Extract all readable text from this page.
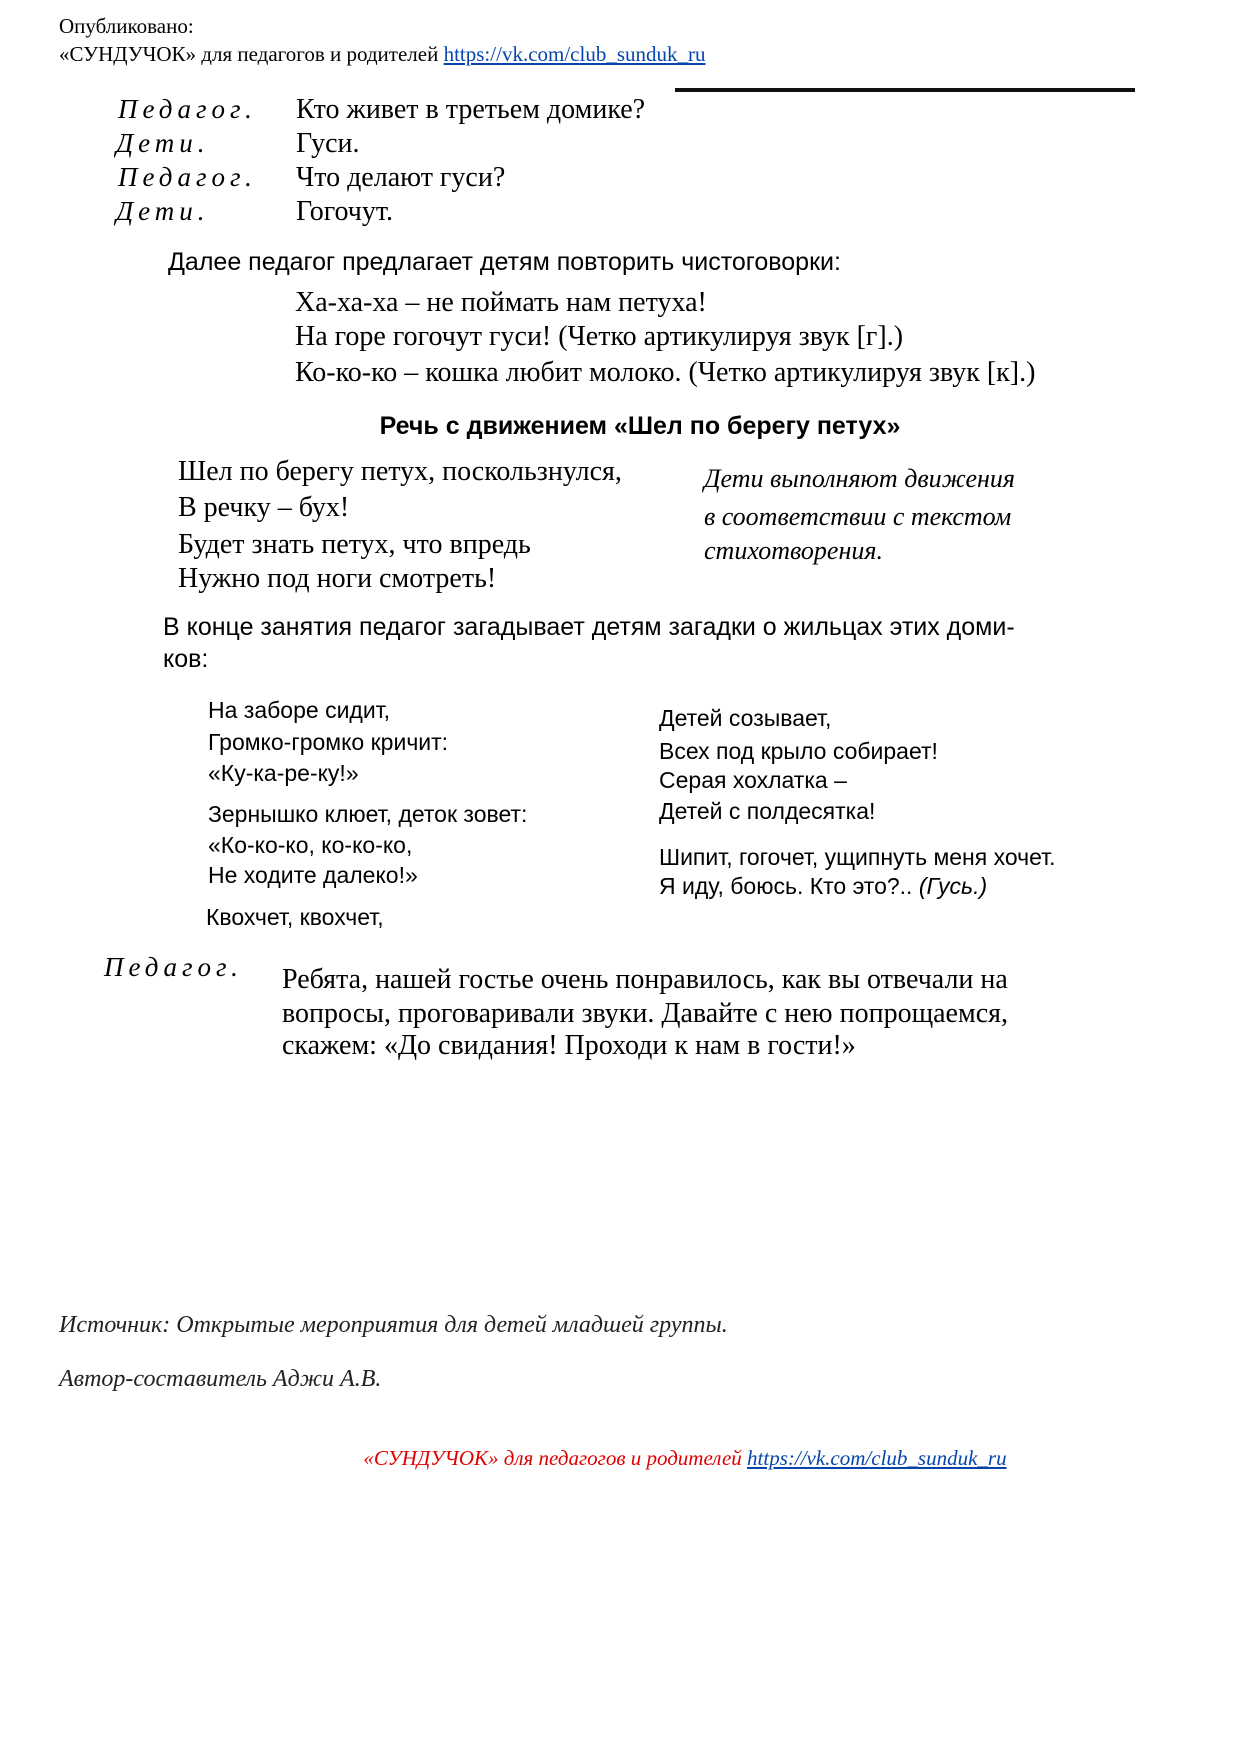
Опубликовано:
«СУНДУЧОК» для педагогов и родителей https://vk.com/club_sunduk_ru
Педагог. Кто живет в третьем домике?
Дети.	Гуси.
Педагог. Что делают гуси?
Дети.	Гогочут.
Далее педагог предлагает детям повторить чистоговорки:
Ха-ха-ха – не поймать нам петуха!
На горе гогочут гуси! (Четко артикулируя звук [г].)
Ко-ко-ко – кошка любит молоко. (Четко артикулируя звук [к].)
Речь с движением «Шел по берегу петух»
Шел по берегу петух, поскользнулся,
В речку – бух!
Будет знать петух, что впредь
Нужно под ноги смотреть!
Дети выполняют движения
в соответствии с текстом
стихотворения.
В конце занятия педагог загадывает детям загадки о жильцах этих доми-
ков:
На заборе сидит,
Громко-громко кричит:
«Ку-ка-ре-ку!»
Зернышко клюет, деток зовет:
«Ко-ко-ко, ко-ко-ко,
Не ходите далеко!»
Квохчет, квохчет,
Детей созывает,
Всех под крыло собирает!
Серая хохлатка –
Детей с полдесятка!
Шипит, гогочет, ущипнуть меня хочет.
Я иду, боюсь. Кто это?.. (Гусь.)
Педагог. Ребята, нашей гостье очень понравилось, как вы отвечали на
вопросы, проговаривали звуки. Давайте с нею попрощаемся,
скажем: «До свидания! Проходи к нам в гости!»
Источник: Открытые мероприятия для детей младшей группы.
Автор-составитель Аджи А.В.
«СУНДУЧОК» для педагогов и родителей https://vk.com/club_sunduk_ru
